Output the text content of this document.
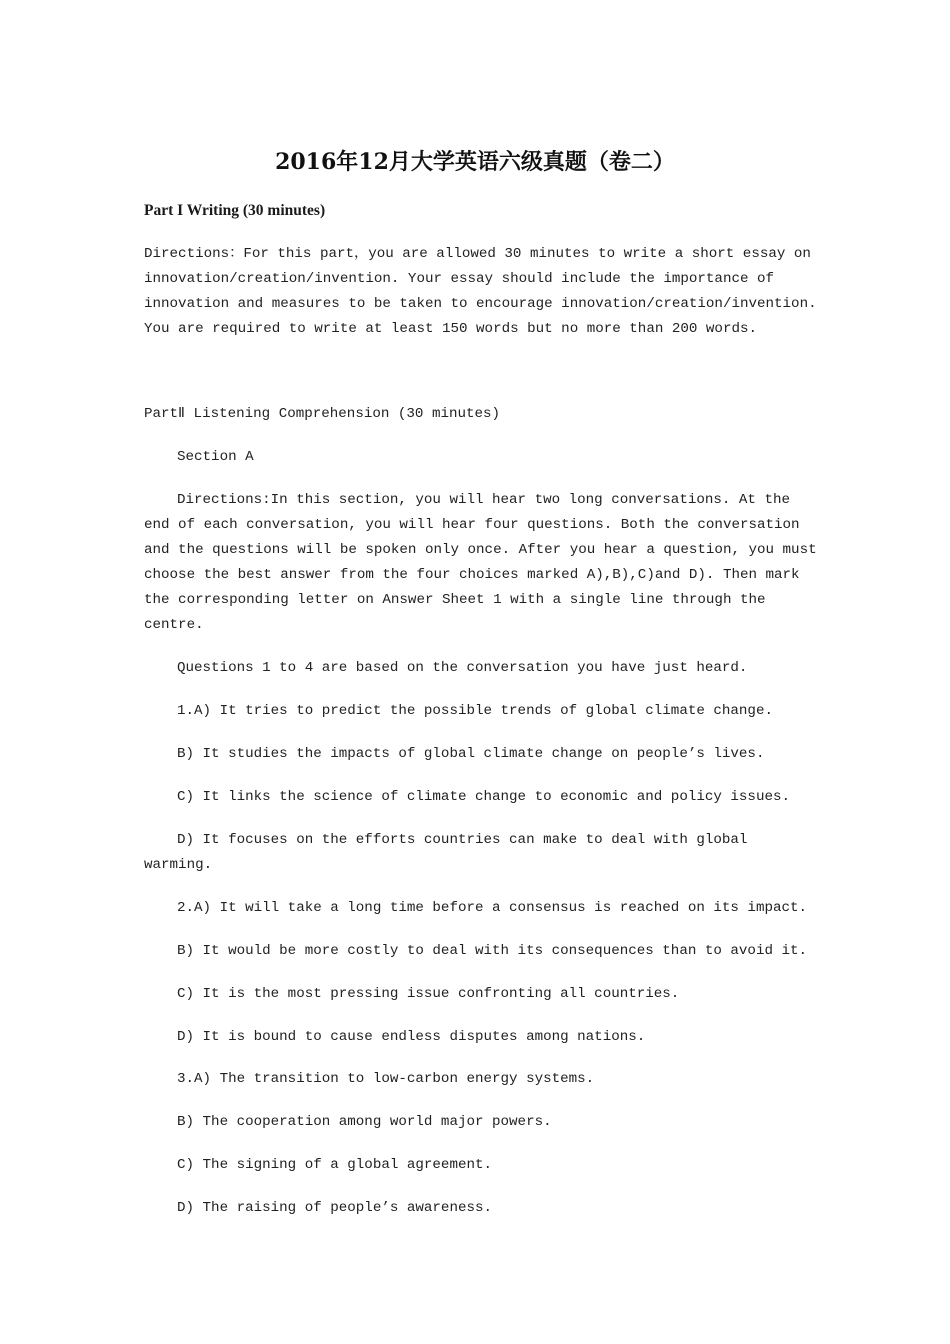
2016年12月大学英语六级真题（卷二）
Part I Writing (30 minutes)
Directions：For this part，you are allowed 30 minutes to write a short essay on
innovation/creation/invention. Your essay should include the importance of
innovation and measures to be taken to encourage innovation/creation/invention.
You are required to write at least 150 words but no more than 200 words.
PartⅡ Listening Comprehension (30 minutes)
Section A
Directions:In this section, you will hear two long conversations. At the
end of each conversation, you will hear four questions. Both the conversation
and the questions will be spoken only once. After you hear a question, you must
choose the best answer from the four choices marked A),B),C)and D). Then mark
the corresponding letter on Answer Sheet 1 with a single line through the
centre.
Questions 1 to 4 are based on the conversation you have just heard.
1.A) It tries to predict the possible trends of global climate change.
B) It studies the impacts of global climate change on people’s lives.
C) It links the science of climate change to economic and policy issues.
D) It focuses on the efforts countries can make to deal with global
warming.
2.A) It will take a long time before a consensus is reached on its impact.
B) It would be more costly to deal with its consequences than to avoid it.
C) It is the most pressing issue confronting all countries.
D) It is bound to cause endless disputes among nations.
3.A) The transition to low-carbon energy systems.
B) The cooperation among world major powers.
C) The signing of a global agreement.
D) The raising of people’s awareness.
